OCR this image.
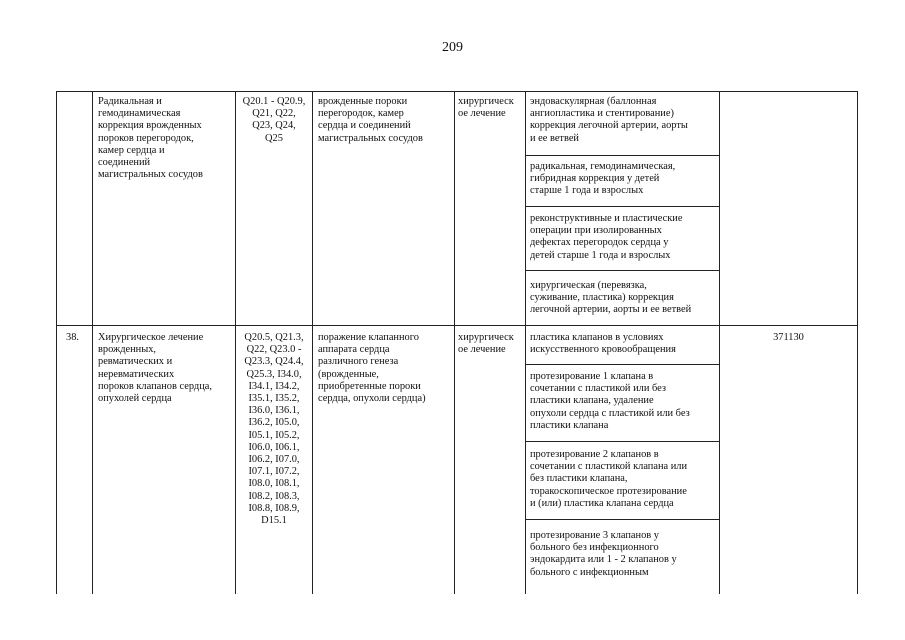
209
Радикальная и
гемодинамическая
коррекция врожденных
пороков перегородок,
камер сердца и
соединений
магистральных сосудов
Q20.1 - Q20.9,
Q21, Q22,
Q23, Q24,
Q25
врожденные пороки
перегородок, камер
сердца и соединений
магистральных сосудов
хирургическ
ое лечение
эндоваскулярная (баллонная
ангиопластика и стентирование)
коррекция легочной артерии, аорты
и ее ветвей
радикальная, гемодинамическая,
гибридная коррекция у детей
старше 1 года и взрослых
реконструктивные и пластические
операции при изолированных
дефектах перегородок сердца у
детей старше 1 года и взрослых
хирургическая (перевязка,
суживание, пластика) коррекция
легочной артерии, аорты и ее ветвей
38.	Хирургическое лечение
врожденных,
ревматических и
неревматических
пороков клапанов сердца,
опухолей сердца
Q20.5, Q21.3,
Q22, Q23.0 -
Q23.3, Q24.4,
Q25.3, I34.0,
I34.1, I34.2,
I35.1, I35.2,
I36.0, I36.1,
I36.2, I05.0,
I05.1, I05.2,
I06.0, I06.1,
I06.2, I07.0,
I07.1, I07.2,
I08.0, I08.1,
I08.2, I08.3,
I08.8, I08.9,
D15.1
поражение клапанного
аппарата сердца
различного генеза
(врожденные,
приобретенные пороки
сердца, опухоли сердца)
хирургическ
ое лечение
пластика клапанов в условиях
искусственного кровообращения
протезирование 1 клапана в
сочетании с пластикой или без
пластики клапана, удаление
опухоли сердца с пластикой или без
пластики клапана
протезирование 2 клапанов в
сочетании с пластикой клапана или
без пластики клапана,
торакоскопическое протезирование
и (или) пластика клапана сердца
протезирование 3 клапанов у
больного без инфекционного
эндокардита или 1 - 2 клапанов у
больного с инфекционным
371130
